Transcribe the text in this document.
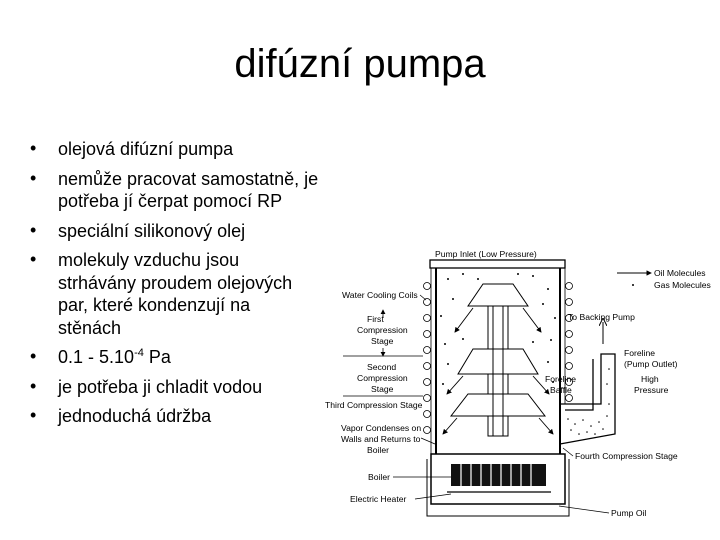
difúzní pumpa
• olejová difúzní pumpa
• nemůže pracovat samostatně, je potřeba jí čerpat pomocí RP
• speciální silikonový olej
• molekuly vzduchu jsou strhávány proudem olejových par, které kondenzují na stěnách
• $0.1 - 5.10^{-4}$ Pa
• je potřeba ji chladit vodou
• jednoduchá údržba
Pump Inlet (Low Pressure)
Oil Molecules
Gas Molecules
Water Cooling Coils
First
Compression
Stage
Second
Compression
Stage
Third Compression Stage
Vapor Condenses on
Walls and Returns to
Boiler
Boiler
Electric Heater
To Backing Pump
Foreline
(Pump Outlet)
High
Pressure
Foreline
Baffle
Fourth Compression Stage
Pump Oil
